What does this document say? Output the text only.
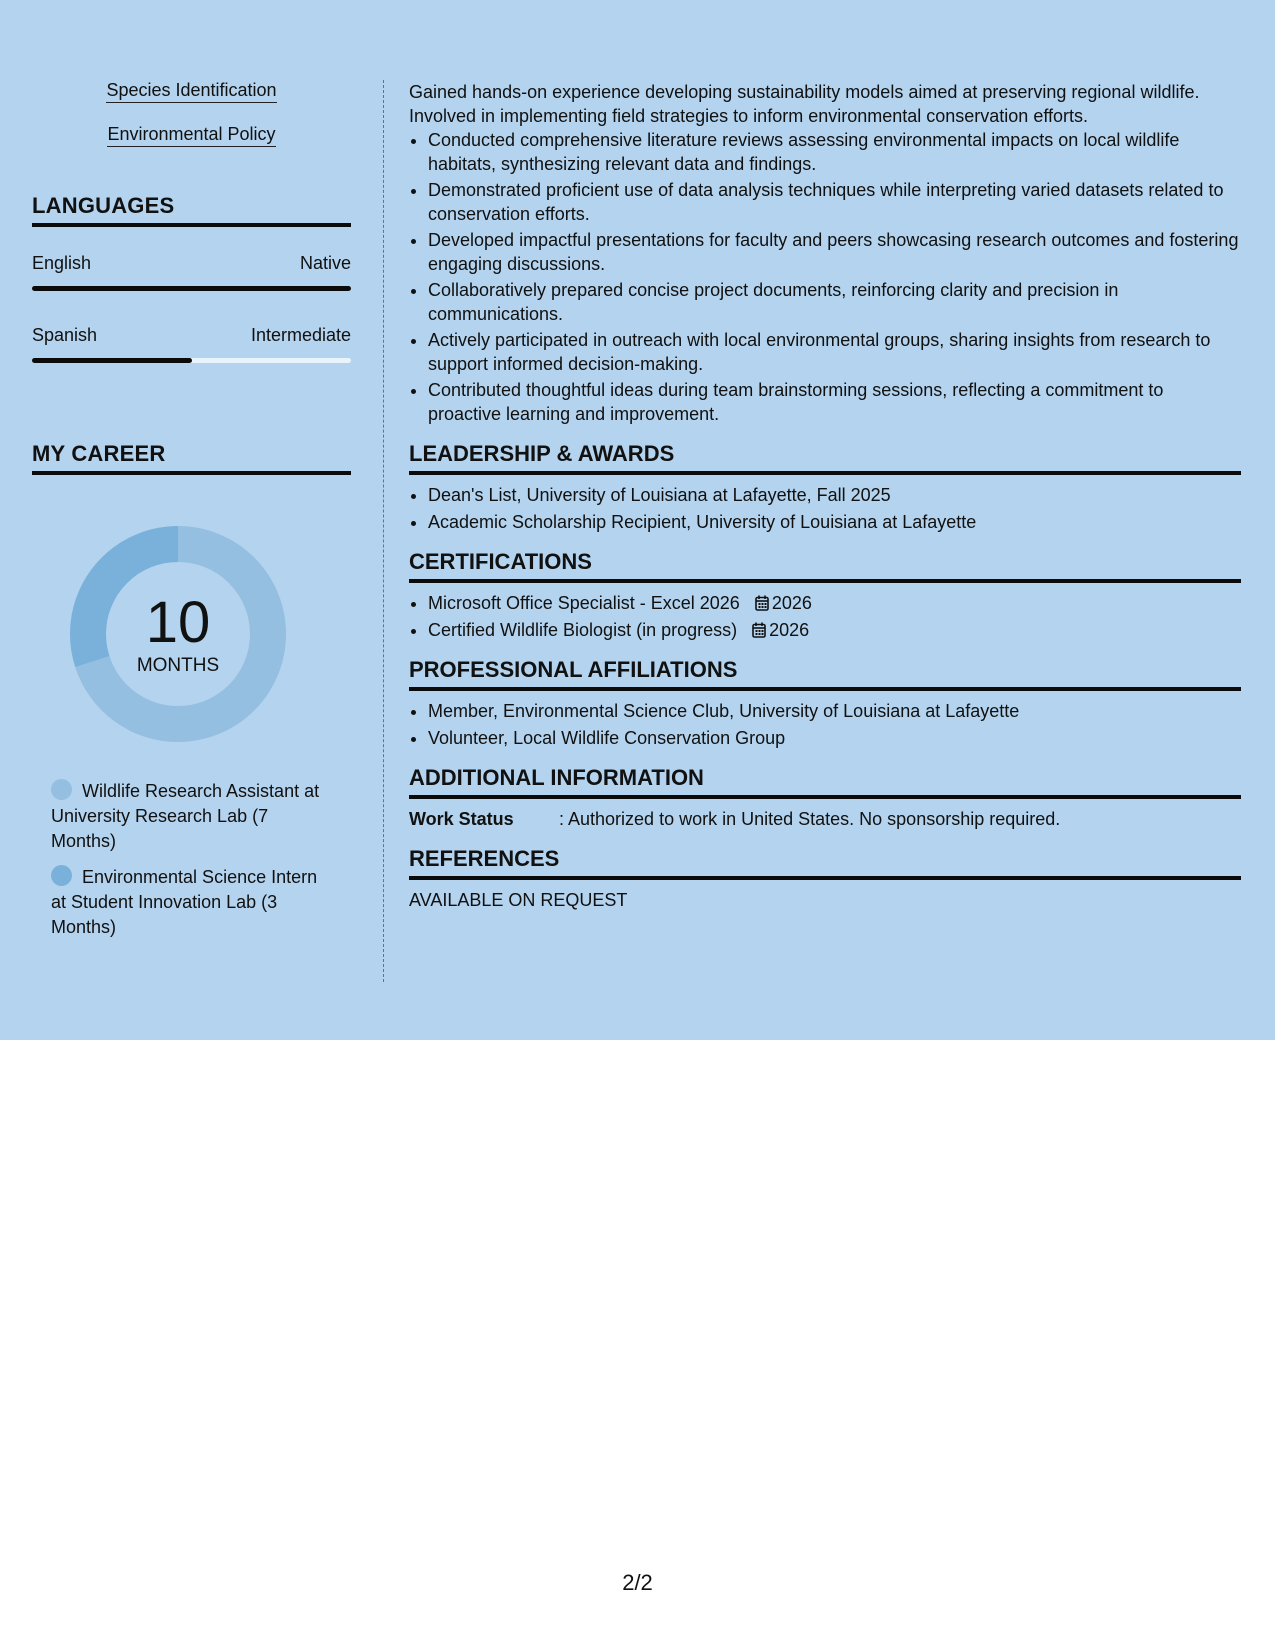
Species Identification
Environmental Policy
LANGUAGES
English	Native
Spanish	Intermediate
MY CAREER
10
MONTHS
Wildlife Research Assistant at University Research Lab (7 Months)
Environmental Science Intern at Student Innovation Lab (3 Months)

Gained hands-on experience developing sustainability models aimed at preserving regional wildlife. Involved in implementing field strategies to inform environmental conservation efforts.

• Conducted comprehensive literature reviews assessing environmental impacts on local wildlife habitats, synthesizing relevant data and findings.
• Demonstrated proficient use of data analysis techniques while interpreting varied datasets related to conservation efforts.
• Developed impactful presentations for faculty and peers showcasing research outcomes and fostering engaging discussions.
• Collaboratively prepared concise project documents, reinforcing clarity and precision in communications.
• Actively participated in outreach with local environmental groups, sharing insights from research to support informed decision-making.
• Contributed thoughtful ideas during team brainstorming sessions, reflecting a commitment to proactive learning and improvement.
LEADERSHIP & AWARDS
• Dean's List, University of Louisiana at Lafayette, Fall 2025
• Academic Scholarship Recipient, University of Louisiana at Lafayette
CERTIFICATIONS
• Microsoft Office Specialist - Excel 2026 2026
• Certified Wildlife Biologist (in progress) 2026
PROFESSIONAL AFFILIATIONS
• Member, Environmental Science Club, University of Louisiana at Lafayette
• Volunteer, Local Wildlife Conservation Group
ADDITIONAL INFORMATION
Work Status	: Authorized to work in United States. No sponsorship required.
REFERENCES

AVAILABLE ON REQUEST

2/2
